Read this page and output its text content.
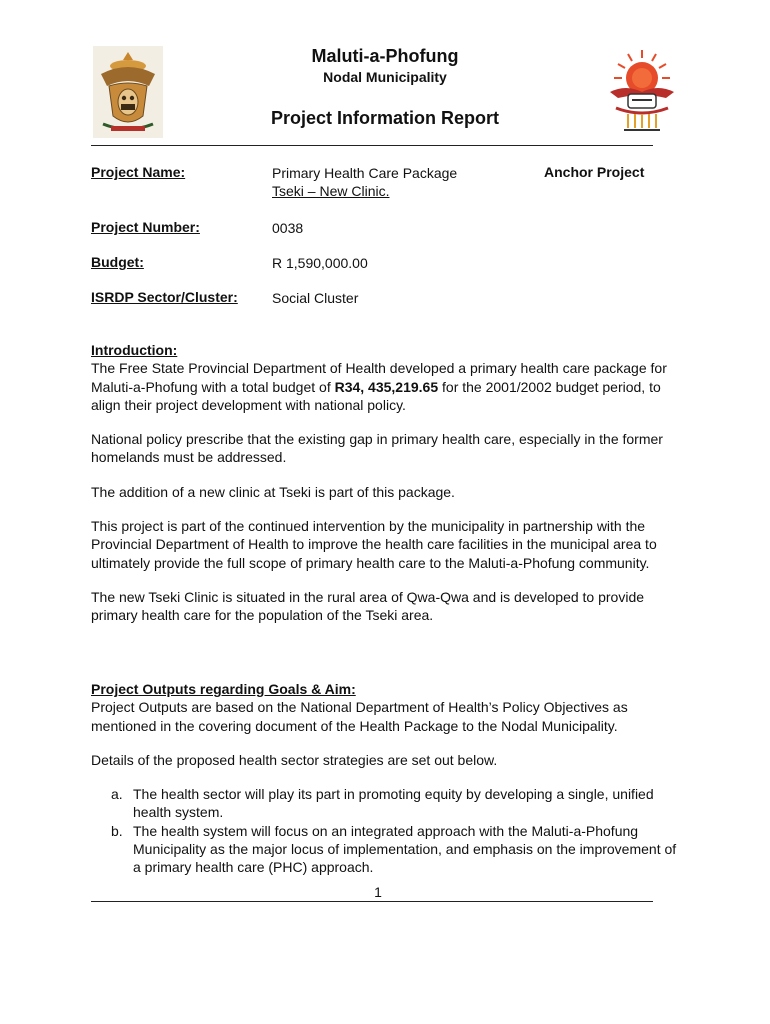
Maluti-a-Phofung
Nodal Municipality
Project Information Report
Project Name:	Primary Health Care Package
Tseki – New Clinic.
Anchor Project
Project Number:	0038
Budget:	R 1,590,000.00
ISRDP Sector/Cluster: Social Cluster
Introduction:

The Free State Provincial Department of Health developed a primary health care package for Maluti-a-Phofung with a total budget of R34, 435,219.65 for the 2001/2002 budget period, to align their project development with national policy.

National policy prescribe that the existing gap in primary health care, especially in the former homelands must be addressed.

The addition of a new clinic at Tseki is part of this package.

This project is part of the continued intervention by the municipality in partnership with the Provincial Department of Health to improve the health care facilities in the municipal area to ultimately provide the full scope of primary health care to the Maluti-a-Phofung community.

The new Tseki Clinic is situated in the rural area of Qwa-Qwa and is developed to provide primary health care for the population of the Tseki area.

Project Outputs regarding Goals & Aim:

Project Outputs are based on the National Department of Health’s Policy Objectives as mentioned in the covering document of the Health Package to the Nodal Municipality.

Details of the proposed health sector strategies are set out below.

a. The health sector will play its part in promoting equity by developing a single, unified health system.
b. The health system will focus on an integrated approach with the Maluti-a-Phofung Municipality as the major locus of implementation, and emphasis on the improvement of a primary health care (PHC) approach.
1
